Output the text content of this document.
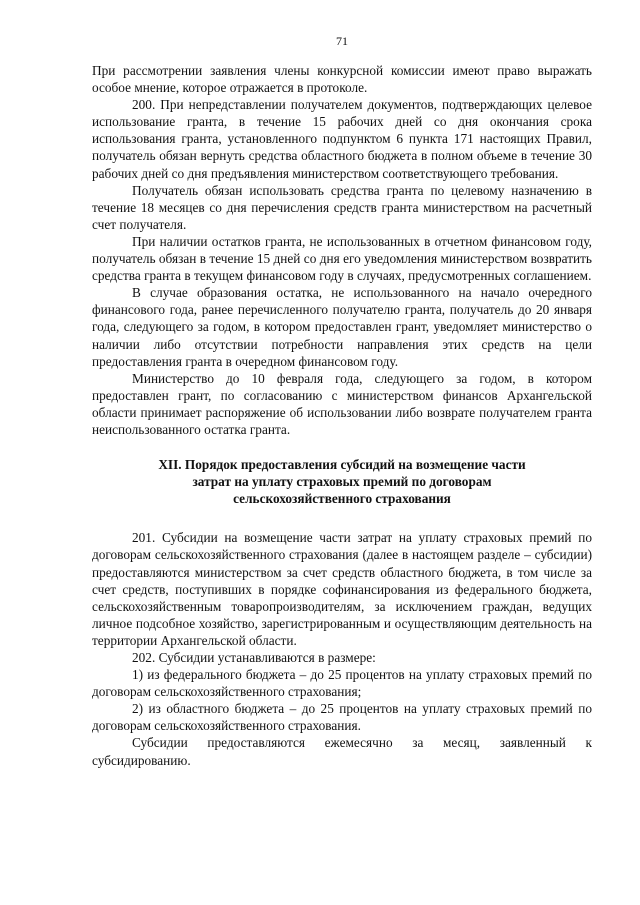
71

При рассмотрении заявления члены конкурсной комиссии имеют право выражать особое мнение, которое отражается в протоколе.

200. При непредставлении получателем документов, подтверждающих целевое использование гранта, в течение 15 рабочих дней со дня окончания срока использования гранта, установленного подпунктом 6 пункта 171 настоящих Правил, получатель обязан вернуть средства областного бюджета в полном объеме в течение 30 рабочих дней со дня предъявления министерством соответствующего требования.

Получатель обязан использовать средства гранта по целевому назначению в течение 18 месяцев со дня перечисления средств гранта министерством на расчетный счет получателя.

При наличии остатков гранта, не использованных в отчетном финансовом году, получатель обязан в течение 15 дней со дня его уведомления министерством возвратить средства гранта в текущем финансовом году в случаях, предусмотренных соглашением.

В случае образования остатка, не использованного на начало очередного финансового года, ранее перечисленного получателю гранта, получатель до 20 января года, следующего за годом, в котором предоставлен грант, уведомляет министерство о наличии либо отсутствии потребности направления этих средств на цели предоставления гранта в очередном финансовом году.

Министерство до 10 февраля года, следующего за годом, в котором предоставлен грант, по согласованию с министерством финансов Архангельской области принимает распоряжение об использовании либо возврате получателем гранта неиспользованного остатка гранта.

XII. Порядок предоставления субсидий на возмещение части
затрат на уплату страховых премий по договорам
сельскохозяйственного страхования

201. Субсидии на возмещение части затрат на уплату страховых премий по договорам сельскохозяйственного страхования (далее в настоящем разделе – субсидии) предоставляются министерством за счет средств областного бюджета, в том числе за счет средств, поступивших в порядке софинансирования из федерального бюджета, сельскохозяйственным товаропроизводителям, за исключением граждан, ведущих личное подсобное хозяйство, зарегистрированным и осуществляющим деятельность на территории Архангельской области.

202. Субсидии устанавливаются в размере:

1) из федерального бюджета – до 25 процентов на уплату страховых премий по договорам сельскохозяйственного страхования;

2) из областного бюджета – до 25 процентов на уплату страховых премий по договорам сельскохозяйственного страхования.

Субсидии предоставляются ежемесячно за месяц, заявленный к субсидированию.
